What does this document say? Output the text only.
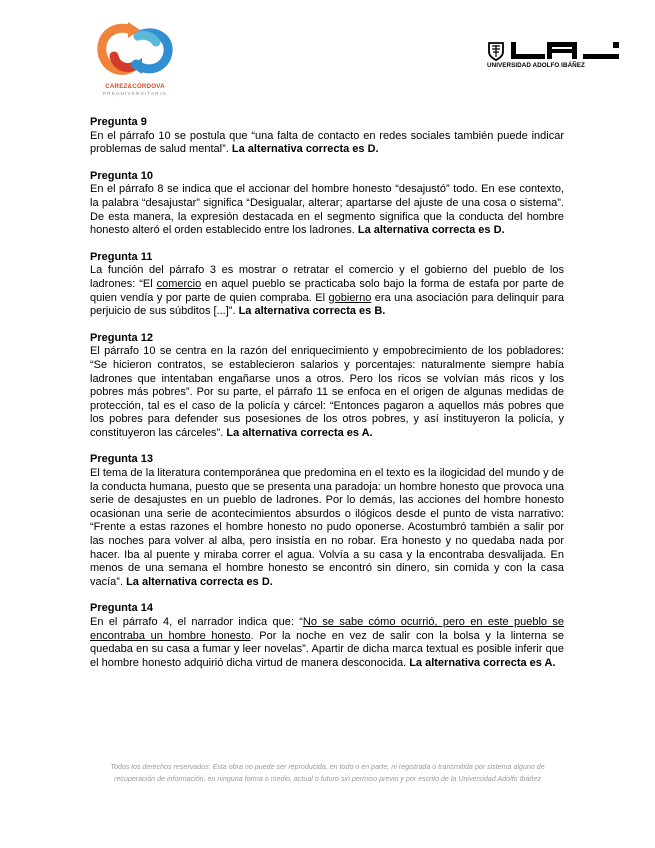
CAREZ&CÓRDOVA
PREUNIVERSITARIO
UNIVERSIDAD ADOLFO IBÁÑEZ
Pregunta 9

En el párrafo 10 se postula que “una falta de contacto en redes sociales también puede indicar problemas de salud mental”. La alternativa correcta es D.

Pregunta 10

En el párrafo 8 se indica que el accionar del hombre honesto “desajustó” todo. En ese contexto, la palabra “desajustar” significa “Desigualar, alterar; apartarse del ajuste de una cosa o sistema”. De esta manera, la expresión destacada en el segmento significa que la conducta del hombre honesto alteró el orden establecido entre los ladrones. La alternativa correcta es D.

Pregunta 11

La función del párrafo 3 es mostrar o retratar el comercio y el gobierno del pueblo de los ladrones: “El comercio en aquel pueblo se practicaba solo bajo la forma de estafa por parte de quien vendía y por parte de quien compraba. El gobierno era una asociación para delinquir para perjuicio de sus súbditos [...]”. La alternativa correcta es B.

Pregunta 12

El párrafo 10 se centra en la razón del enriquecimiento y empobrecimiento de los pobladores: “Se hicieron contratos, se establecieron salarios y porcentajes: naturalmente siempre había ladrones que intentaban engañarse unos a otros. Pero los ricos se volvían más ricos y los pobres más pobres”. Por su parte, el párrafo 11 se enfoca en el origen de algunas medidas de protección, tal es el caso de la policía y cárcel: “Entonces pagaron a aquellos más pobres que los pobres para defender sus posesiones de los otros pobres, y así instituyeron la policía, y constituyeron las cárceles”. La alternativa correcta es A.

Pregunta 13

El tema de la literatura contemporánea que predomina en el texto es la ilogicidad del mundo y de la conducta humana, puesto que se presenta una paradoja: un hombre honesto que provoca una serie de desajustes en un pueblo de ladrones. Por lo demás, las acciones del hombre honesto ocasionan una serie de acontecimientos absurdos o ilógicos desde el punto de vista narrativo: “Frente a estas razones el hombre honesto no pudo oponerse. Acostumbró también a salir por las noches para volver al alba, pero insistía en no robar. Era honesto y no quedaba nada por hacer. Iba al puente y miraba correr el agua. Volvía a su casa y la encontraba desvalijada. En menos de una semana el hombre honesto se encontró sin dinero, sin comida y con la casa vacía”. La alternativa correcta es D.

Pregunta 14

En el párrafo 4, el narrador indica que: “No se sabe cómo ocurrió, pero en este pueblo se encontraba un hombre honesto. Por la noche en vez de salir con la bolsa y la linterna se quedaba en su casa a fumar y leer novelas”. Apartir de dicha marca textual es posible inferir que el hombre honesto adquirió dicha virtud de manera desconocida. La alternativa correcta es A.

Todos los derechos reservados. Esta obra no puede ser reproducida, en todo o en parte, ni registrada o transmitida por sistema alguno de
recuperación de información, en ninguna forma o medio, actual o futuro sin permiso previo y por escrito de la Universidad Adolfo Ibáñez
